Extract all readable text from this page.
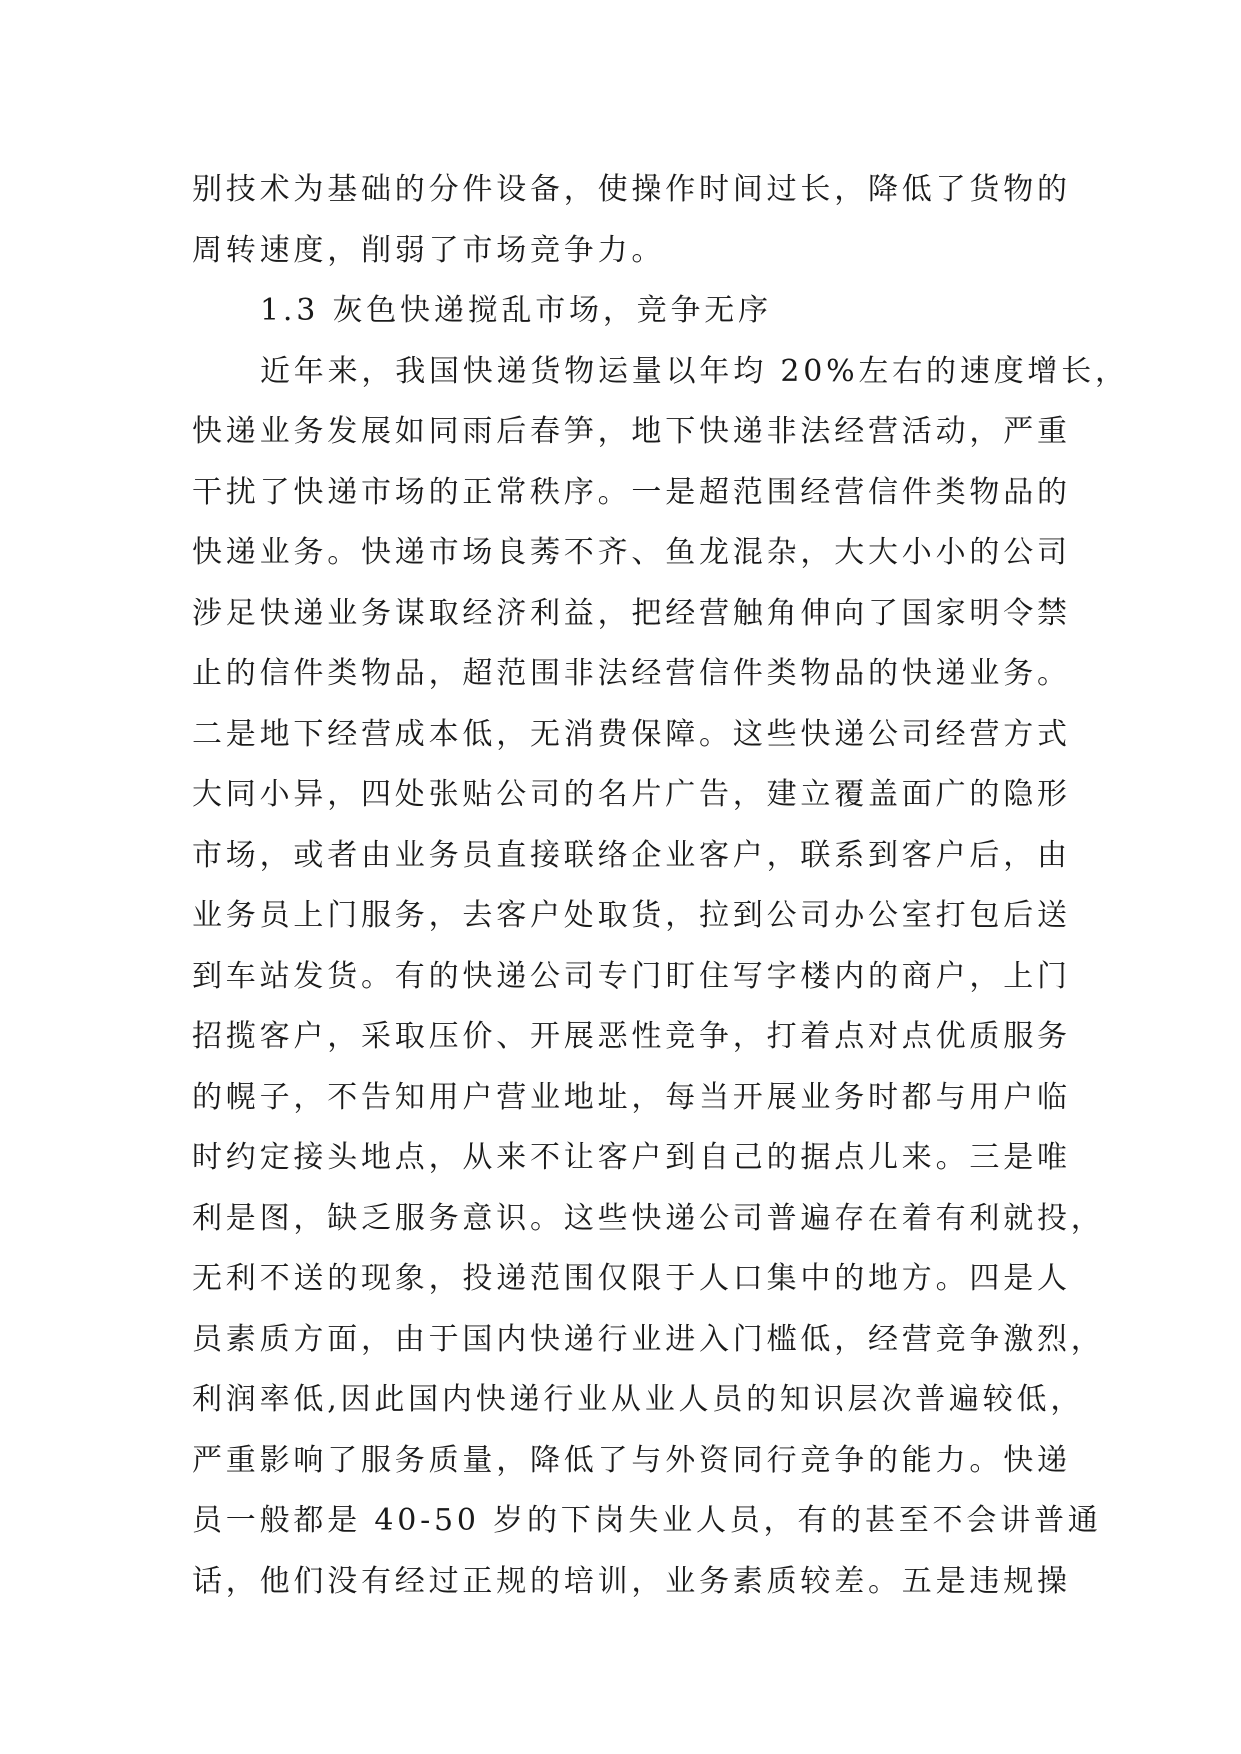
别技术为基础的分件设备，使操作时间过长，降低了货物的
周转速度，削弱了市场竞争力。
1.3 灰色快递搅乱市场，竞争无序
近年来，我国快递货物运量以年均 20%左右的速度增长，
快递业务发展如同雨后春笋，地下快递非法经营活动，严重
干扰了快递市场的正常秩序。一是超范围经营信件类物品的
快递业务。快递市场良莠不齐、鱼龙混杂，大大小小的公司
涉足快递业务谋取经济利益，把经营触角伸向了国家明令禁
止的信件类物品，超范围非法经营信件类物品的快递业务。
二是地下经营成本低，无消费保障。这些快递公司经营方式
大同小异，四处张贴公司的名片广告，建立覆盖面广的隐形
市场，或者由业务员直接联络企业客户，联系到客户后，由
业务员上门服务，去客户处取货，拉到公司办公室打包后送
到车站发货。有的快递公司专门盯住写字楼内的商户，上门
招揽客户，采取压价、开展恶性竞争，打着点对点优质服务
的幌子，不告知用户营业地址，每当开展业务时都与用户临
时约定接头地点，从来不让客户到自己的据点儿来。三是唯
利是图，缺乏服务意识。这些快递公司普遍存在着有利就投，
无利不送的现象，投递范围仅限于人口集中的地方。四是人
员素质方面，由于国内快递行业进入门槛低，经营竞争激烈，
利润率低,因此国内快递行业从业人员的知识层次普遍较低，
严重影响了服务质量，降低了与外资同行竞争的能力。快递
员一般都是 40-50 岁的下岗失业人员，有的甚至不会讲普通
话，他们没有经过正规的培训，业务素质较差。五是违规操
